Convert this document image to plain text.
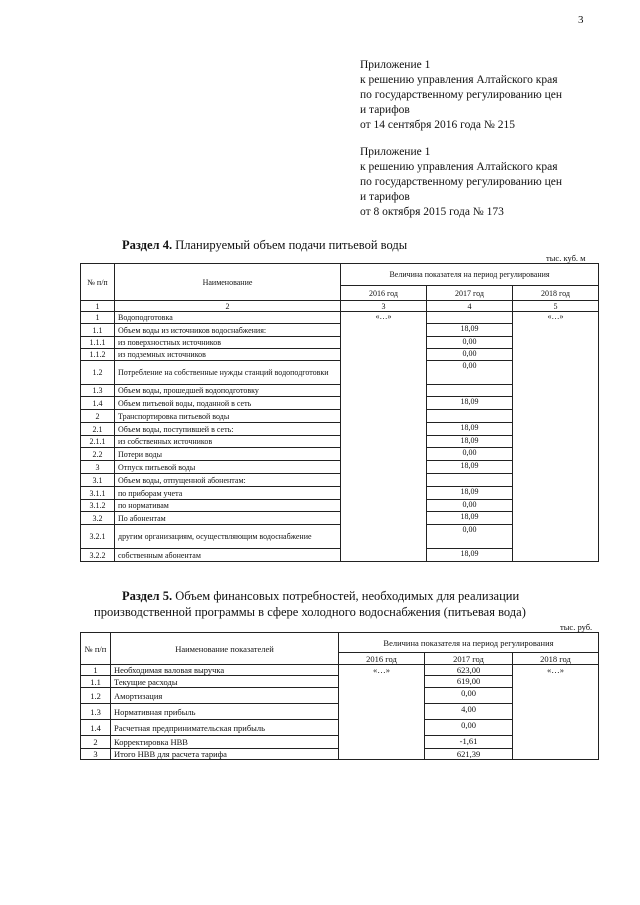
3
Приложение 1
к решению управления Алтайского края
по государственному регулированию цен
и тарифов
от 14 сентября 2016 года № 215
Приложение 1
к решению управления Алтайского края
по государственному регулированию цен
и тарифов
от 8 октября 2015 года № 173
Раздел 4. Планируемый объем подачи питьевой воды
тыс. куб. м
№ п/п	Наименование	Величина показателя на период регулирования		
		2016 год	2017 год	2018 год
1	2	3	4	5
1	Водоподготовка	«…»		«…»
1.1	Объем воды из источников водоснабжения:		18,09	
1.1.1	из поверхностных источников		0,00	
1.1.2	из подземных источников		0,00	
1.2	Потребление на собственные нужды станций водоподготовки		0,00	
1.3	Объем воды, прошедшей водоподготовку			
1.4	Объем питьевой воды, поданной в сеть		18,09	
2	Транспортировка питьевой воды			
2.1	Объем воды, поступившей в сеть:		18,09	
2.1.1	из собственных источников		18,09	
2.2	Потери воды		0,00	
3	Отпуск питьевой воды		18,09	
3.1	Объем воды, отпущенной абонентам:			
3.1.1	по приборам учета		18,09	
3.1.2	по нормативам		0,00	
3.2	По абонентам		18,09	
3.2.1	другим организациям, осуществляющим водоснабжение		0,00	
3.2.2	собственным абонентам		18,09	
Раздел 5. Объем финансовых потребностей, необходимых для реализации производственной программы в сфере холодного водоснабжения (питьевая вода)
тыс. руб.
№ п/п	Наименование показателей	Величина показателя на период регулирования		
		2016 год	2017 год	2018 год
1	Необходимая валовая выручка	«…»	623,00	«…»
1.1	Текущие расходы		619,00	
1.2	Амортизация		0,00	
1.3	Нормативная прибыль		4,00	
1.4	Расчетная предпринимательская прибыль		0,00	
2	Корректировка НВВ		-1,61	
3	Итого НВВ для расчета тарифа		621,39	
